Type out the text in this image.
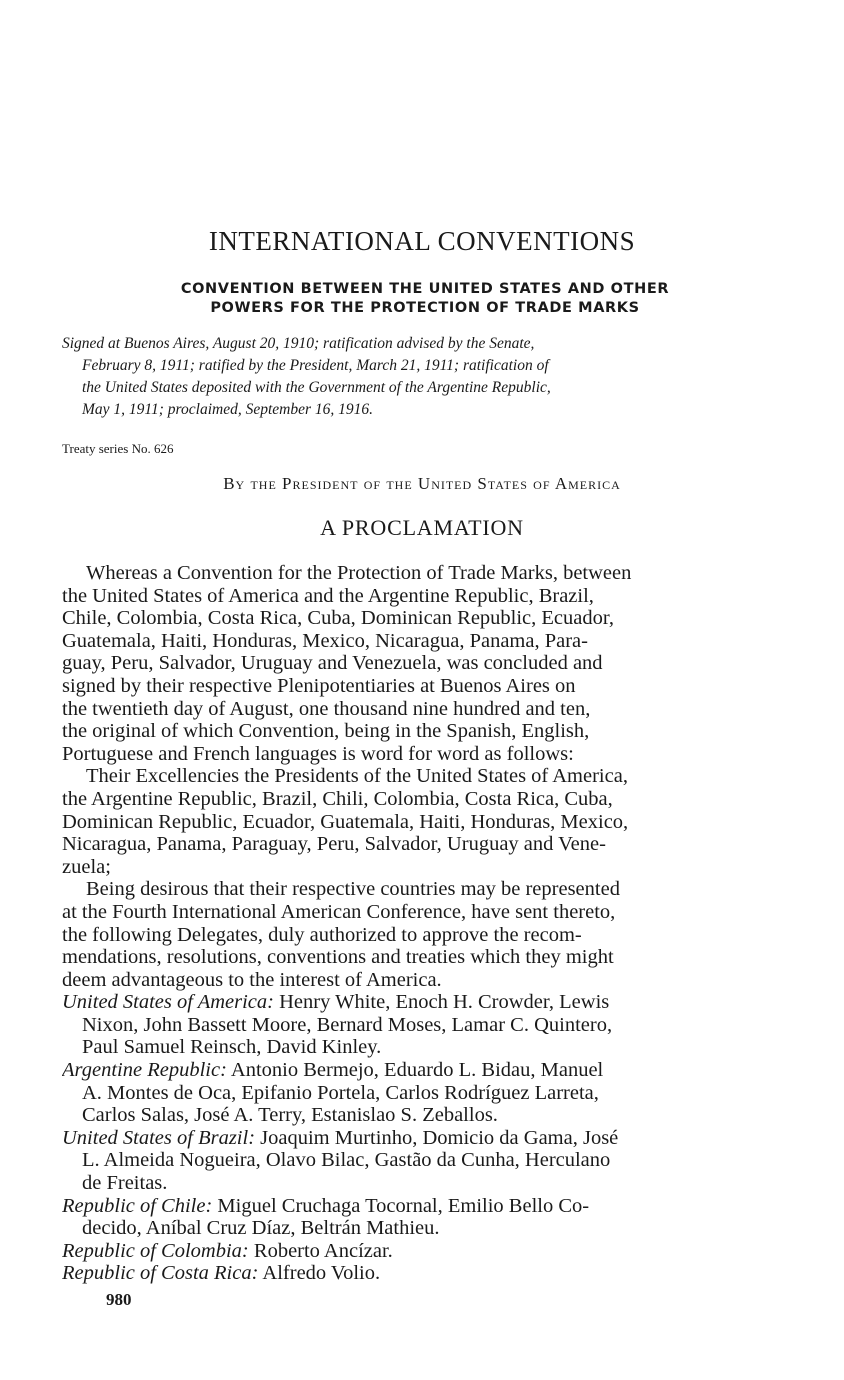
INTERNATIONAL CONVENTIONS
CONVENTION BETWEEN THE UNITED STATES AND OTHER
POWERS FOR THE PROTECTION OF TRADE MARKS
Signed at Buenos Aires, August 20, 1910; ratification advised by the Senate,
February 8, 1911; ratified by the President, March 21, 1911; ratification of
the United States deposited with the Government of the Argentine Republic,
May 1, 1911; proclaimed, September 16, 1916.
Treaty series No. 626
By the President of the United States of America
A PROCLAMATION
Whereas a Convention for the Protection of Trade Marks, between
the United States of America and the Argentine Republic, Brazil,
Chile, Colombia, Costa Rica, Cuba, Dominican Republic, Ecuador,
Guatemala, Haiti, Honduras, Mexico, Nicaragua, Panama, Para-
guay, Peru, Salvador, Uruguay and Venezuela, was concluded and
signed by their respective Plenipotentiaries at Buenos Aires on
the twentieth day of August, one thousand nine hundred and ten,
the original of which Convention, being in the Spanish, English,
Portuguese and French languages is word for word as follows:
Their Excellencies the Presidents of the United States of America,
the Argentine Republic, Brazil, Chili, Colombia, Costa Rica, Cuba,
Dominican Republic, Ecuador, Guatemala, Haiti, Honduras, Mexico,
Nicaragua, Panama, Paraguay, Peru, Salvador, Uruguay and Vene-
zuela;
Being desirous that their respective countries may be represented
at the Fourth International American Conference, have sent thereto,
the following Delegates, duly authorized to approve the recom-
mendations, resolutions, conventions and treaties which they might
deem advantageous to the interest of America.
United States of America: Henry White, Enoch H. Crowder, Lewis
Nixon, John Bassett Moore, Bernard Moses, Lamar C. Quintero,
Paul Samuel Reinsch, David Kinley.
Argentine Republic: Antonio Bermejo, Eduardo L. Bidau, Manuel
A. Montes de Oca, Epifanio Portela, Carlos Rodríguez Larreta,
Carlos Salas, José A. Terry, Estanislao S. Zeballos.
United States of Brazil: Joaquim Murtinho, Domicio da Gama, José
L. Almeida Nogueira, Olavo Bilac, Gastão da Cunha, Herculano
de Freitas.
Republic of Chile: Miguel Cruchaga Tocornal, Emilio Bello Co-
decido, Aníbal Cruz Díaz, Beltrán Mathieu.
Republic of Colombia: Roberto Ancízar.
Republic of Costa Rica: Alfredo Volio.
980
